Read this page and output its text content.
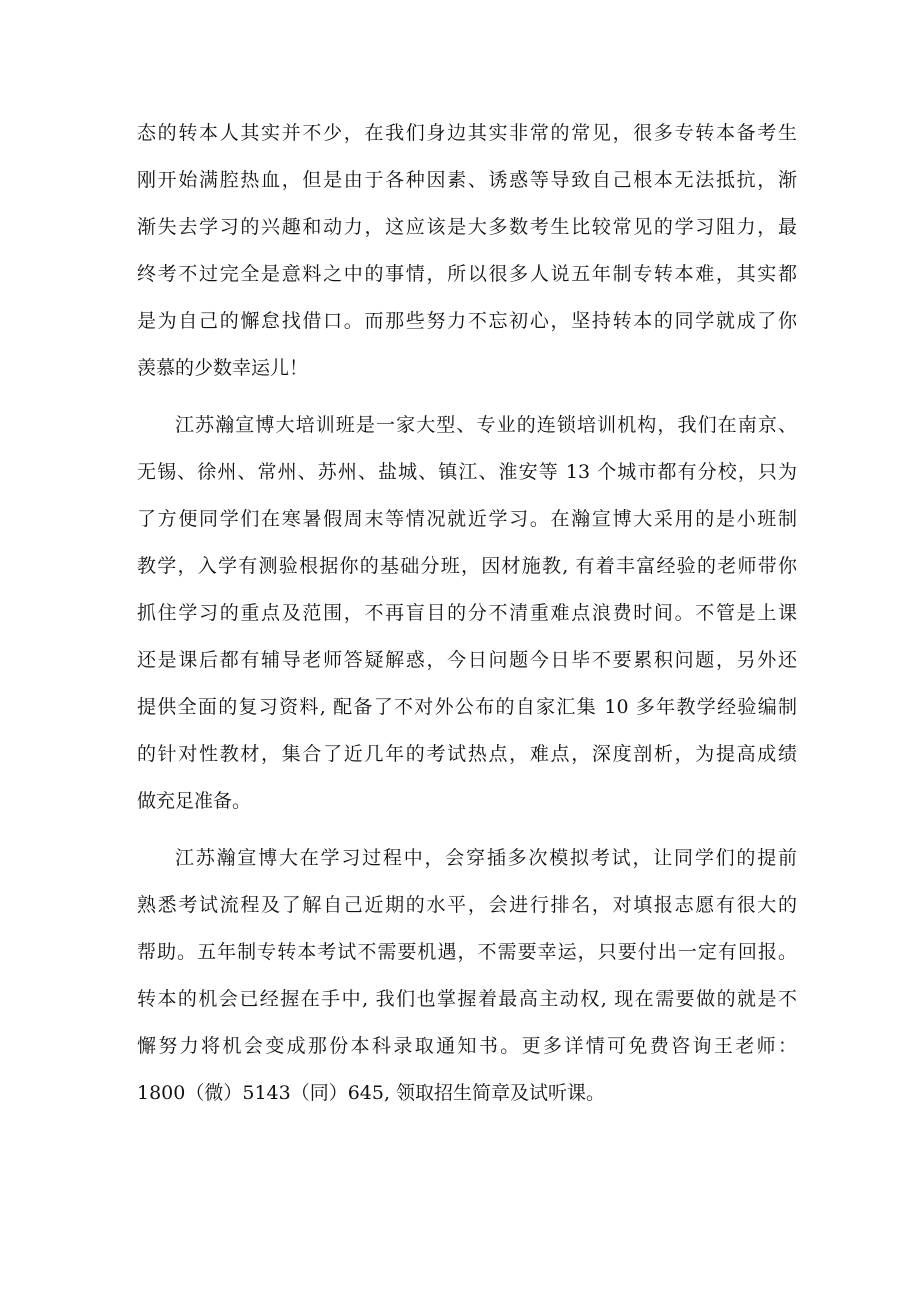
态的转本人其实并不少，在我们身边其实非常的常见，很多专转本备考生
刚开始满腔热血，但是由于各种因素、诱惑等导致自己根本无法抵抗，渐
渐失去学习的兴趣和动力，这应该是大多数考生比较常见的学习阻力，最
终考不过完全是意料之中的事情，所以很多人说五年制专转本难，其实都
是为自己的懈怠找借口。而那些努力不忘初心，坚持转本的同学就成了你
羡慕的少数幸运儿！
江苏瀚宣博大培训班是一家大型、专业的连锁培训机构，我们在南京、
无锡、徐州、常州、苏州、盐城、镇江、淮安等 13 个城市都有分校，只为
了方便同学们在寒暑假周末等情况就近学习。在瀚宣博大采用的是小班制
教学，入学有测验根据你的基础分班，因材施教, 有着丰富经验的老师带你
抓住学习的重点及范围，不再盲目的分不清重难点浪费时间。不管是上课
还是课后都有辅导老师答疑解惑，今日问题今日毕不要累积问题，另外还
提供全面的复习资料, 配备了不对外公布的自家汇集 10 多年教学经验编制
的针对性教材，集合了近几年的考试热点，难点，深度剖析，为提高成绩
做充足准备。
江苏瀚宣博大在学习过程中，会穿插多次模拟考试，让同学们的提前
熟悉考试流程及了解自己近期的水平，会进行排名，对填报志愿有很大的
帮助。五年制专转本考试不需要机遇，不需要幸运，只要付出一定有回报。
转本的机会已经握在手中, 我们也掌握着最高主动权, 现在需要做的就是不
懈努力将机会变成那份本科录取通知书。更多详情可免费咨询王老师：
1800（微）5143（同）645, 领取招生简章及试听课。
